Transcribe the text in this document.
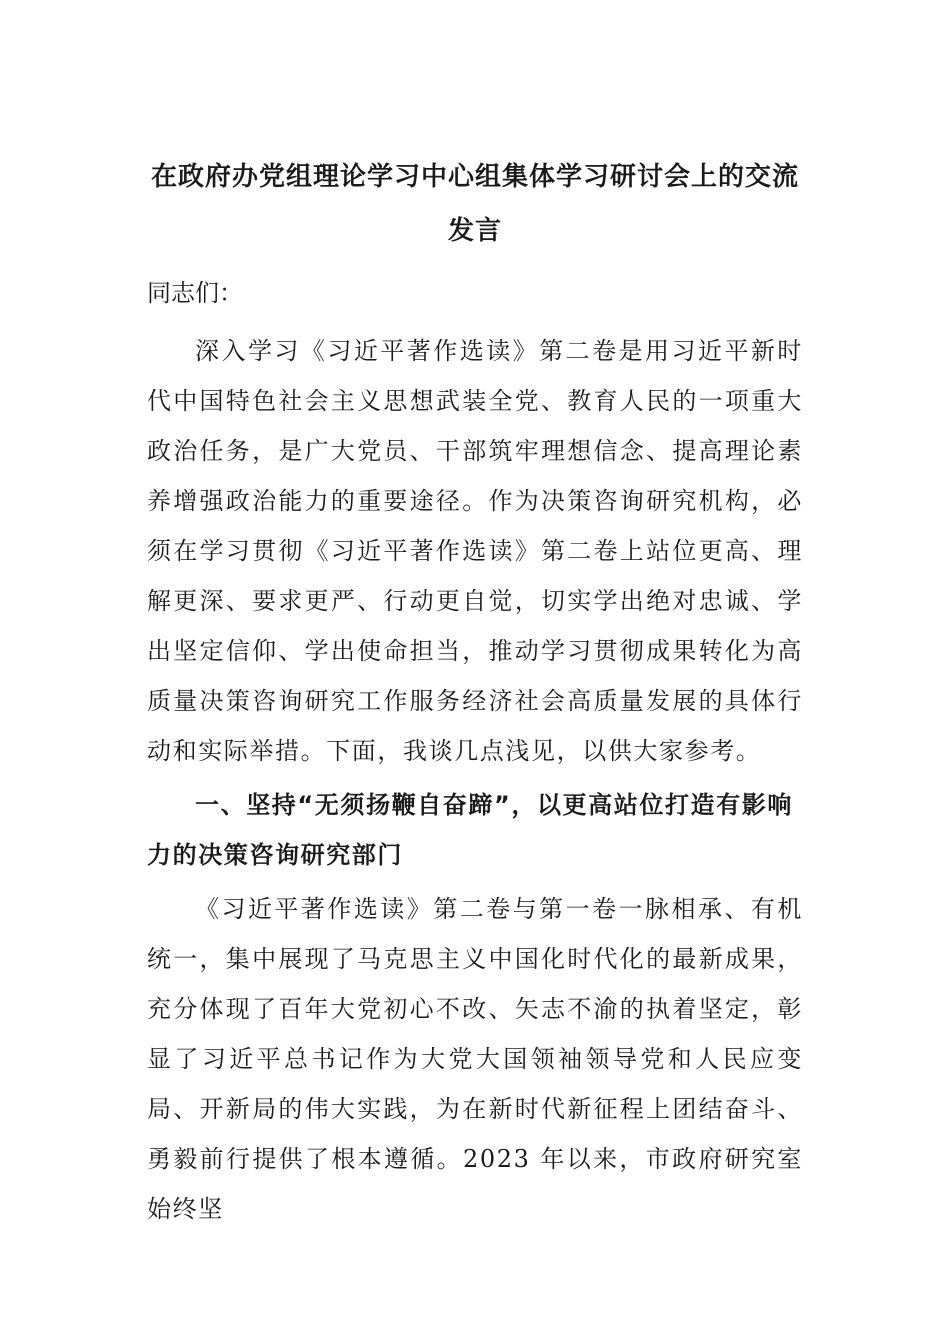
在政府办党组理论学习中心组集体学习研讨会上的交流发言

同志们：

深入学习《习近平著作选读》第二卷是用习近平新时代中国特色社会主义思想武装全党、教育人民的一项重大政治任务，是广大党员、干部筑牢理想信念、提高理论素养增强政治能力的重要途径。作为决策咨询研究机构，必须在学习贯彻《习近平著作选读》第二卷上站位更高、理解更深、要求更严、行动更自觉，切实学出绝对忠诚、学出坚定信仰、学出使命担当，推动学习贯彻成果转化为高质量决策咨询研究工作服务经济社会高质量发展的具体行动和实际举措。下面，我谈几点浅见，以供大家参考。

一、坚持“无须扬鞭自奋蹄”，以更高站位打造有影响力的决策咨询研究部门

《习近平著作选读》第二卷与第一卷一脉相承、有机统一，集中展现了马克思主义中国化时代化的最新成果，充分体现了百年大党初心不改、矢志不渝的执着坚定，彰显了习近平总书记作为大党大国领袖领导党和人民应变局、开新局的伟大实践，为在新时代新征程上团结奋斗、勇毅前行提供了根本遵循。2023 年以来，市政府研究室始终坚
